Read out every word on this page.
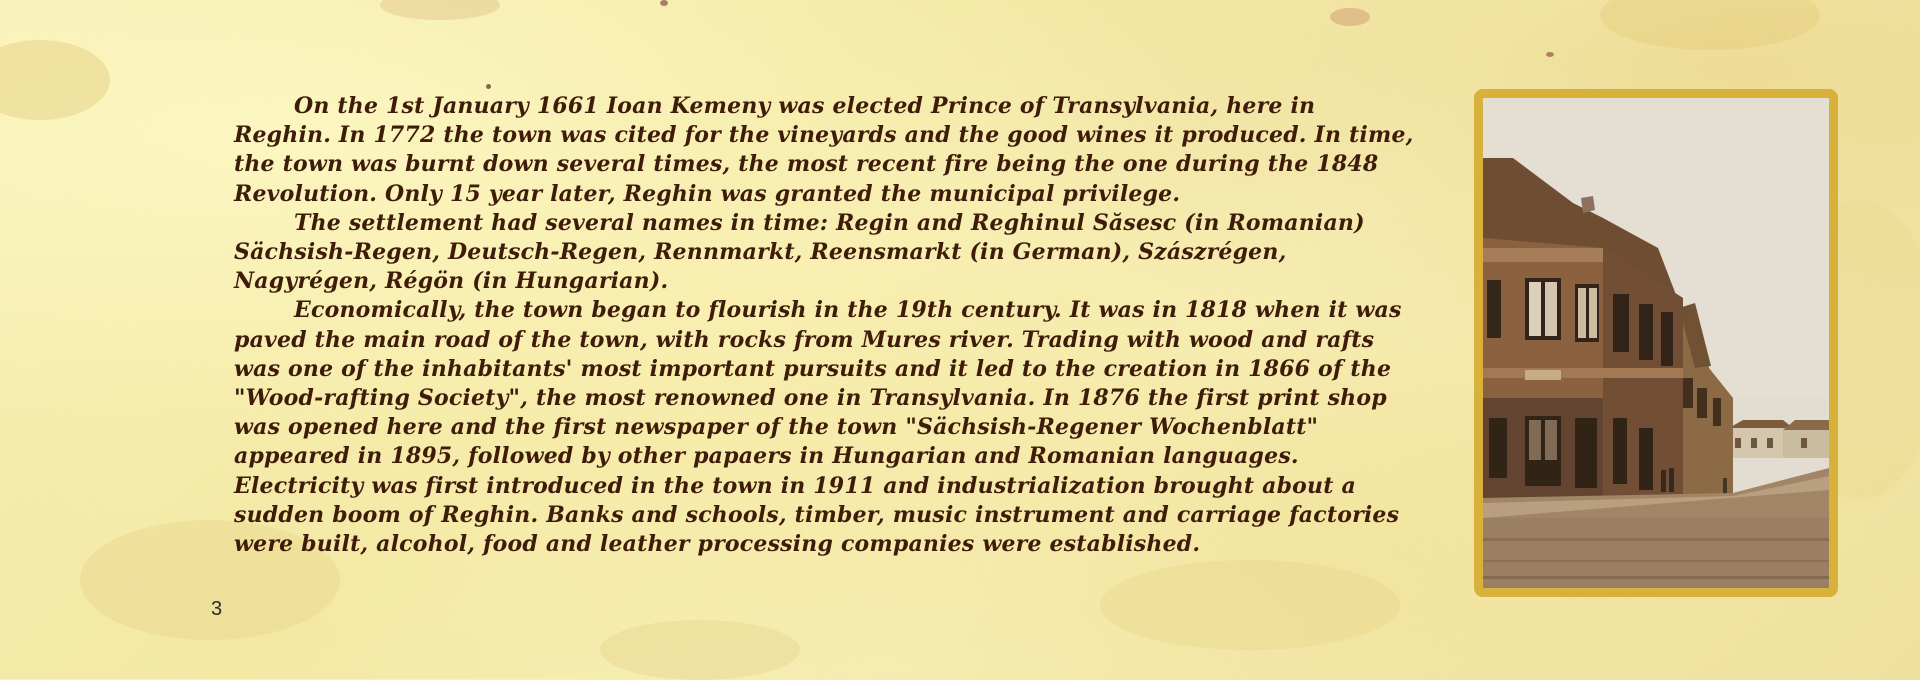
On the 1st January 1661 Ioan Kemeny was elected Prince of Transylvania, here in Reghin. In 1772 the town was cited for the vineyards and the good wines it produced. In time, the town was burnt down several times, the most recent fire being the one during the 1848 Revolution. Only 15 year later, Reghin was granted the municipal privilege.

The settlement had several names in time: Regin and Reghinul Săsesc (in Romanian) Sächsish-Regen, Deutsch-Regen, Rennmarkt, Reensmarkt (in German), Szászrégen, Nagyrégen, Régön (in Hungarian).

Economically, the town began to flourish in the 19th century. It was in 1818 when it was paved the main road of the town, with rocks from Mures river. Trading with wood and rafts was one of the inhabitants' most important pursuits and it led to the creation in 1866 of the "Wood-rafting Society", the most renowned one in Transylvania. In 1876 the first print shop was opened here and the first newspaper of the town "Sächsish-Regener Wochenblatt" appeared in 1895, followed by other papaers in Hungarian and Romanian languages. Electricity was first introduced in the town in 1911 and industrialization brought about a sudden boom of Reghin. Banks and schools, timber, music instrument and carriage factories were built, alcohol, food and leather processing companies were established.

3
